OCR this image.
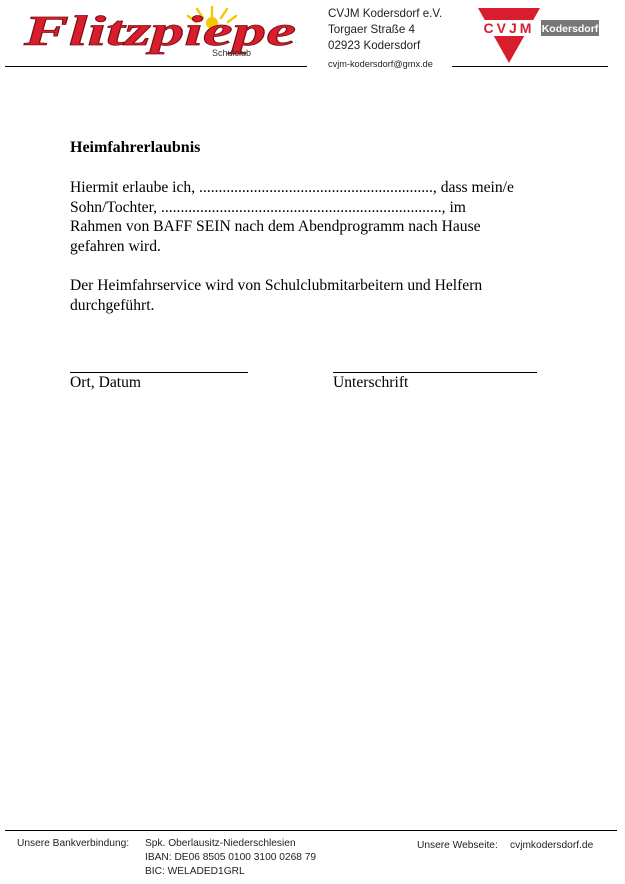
Flitzpiepe
Schulclub
CVJM Kodersdorf e.V.
Torgaer Straße 4
02923 Kodersdorf
cvjm-kodersdorf@gmx.de
CVJM Kodersdorf
Heimfahrerlaubnis
Hiermit erlaube ich, ............................................................, dass mein/e
Sohn/Tochter, ........................................................................, im
Rahmen von BAFF SEIN nach dem Abendprogramm nach Hause
gefahren wird.
Der Heimfahrservice wird von Schulclubmitarbeitern und Helfern
durchgeführt.
Ort, Datum	Unterschrift
Unsere Bankverbindung: Spk. Oberlausitz-Niederschlesien
IBAN: DE06 8505 0100 3100 0268 79
BIC: WELADED1GRL
Unsere Webseite: cvjmkodersdorf.de
